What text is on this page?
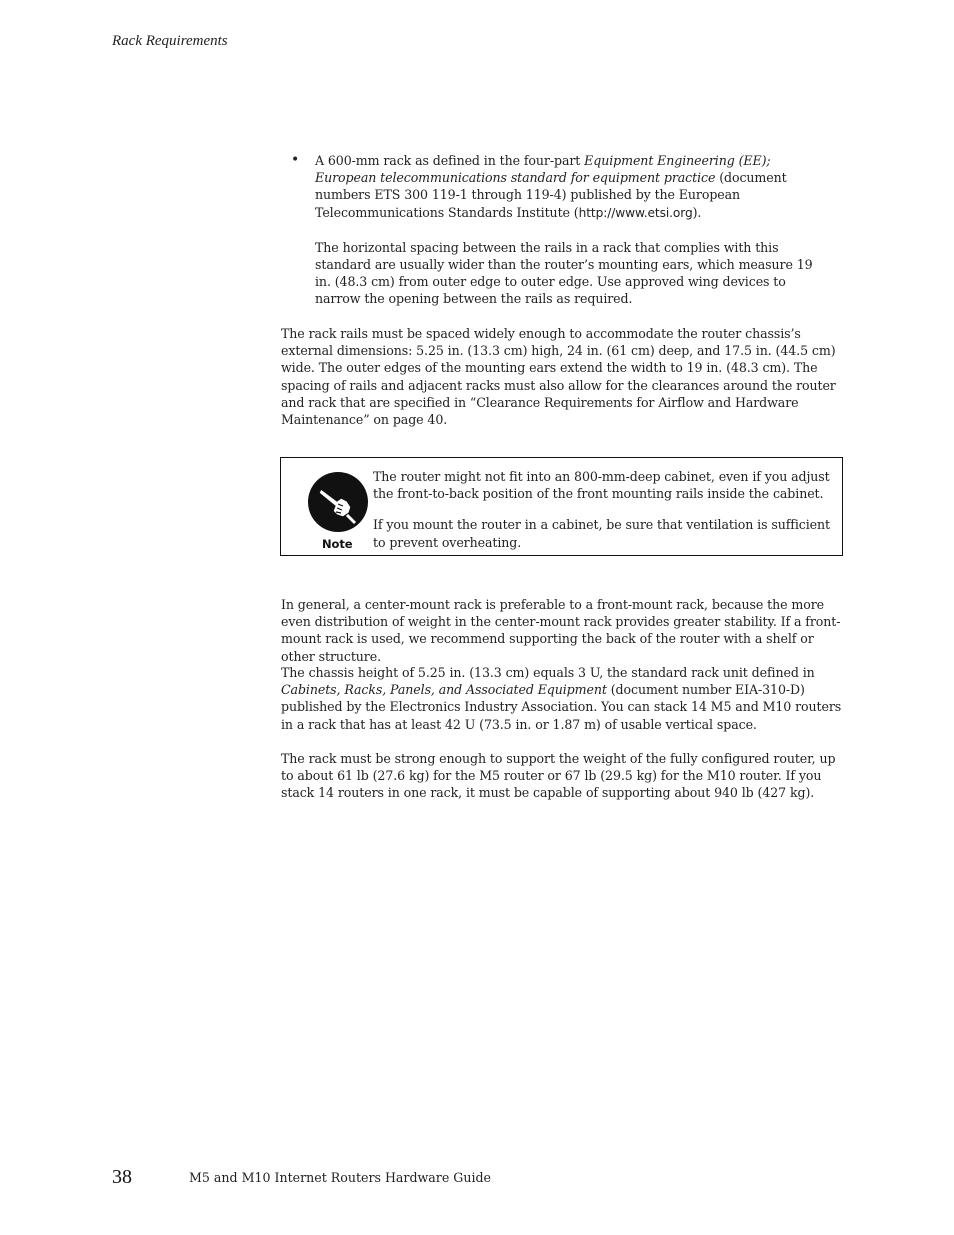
Rack Requirements
• A 600-mm rack as defined in the four-part Equipment Engineering (EE); European telecommunications standard for equipment practice (document numbers ETS 300 119-1 through 119-4) published by the European Telecommunications Standards Institute (http://www.etsi.org).

The horizontal spacing between the rails in a rack that complies with this standard are usually wider than the router’s mounting ears, which measure 19 in. (48.3 cm) from outer edge to outer edge. Use approved wing devices to narrow the opening between the rails as required.

The rack rails must be spaced widely enough to accommodate the router chassis’s external dimensions: 5.25 in. (13.3 cm) high, 24 in. (61 cm) deep, and 17.5 in. (44.5 cm) wide. The outer edges of the mounting ears extend the width to 19 in. (48.3 cm). The spacing of rails and adjacent racks must also allow for the clearances around the router and rack that are specified in “Clearance Requirements for Airflow and Hardware Maintenance” on page 40.

Note

The router might not fit into an 800-mm-deep cabinet, even if you adjust the front-to-back position of the front mounting rails inside the cabinet.

If you mount the router in a cabinet, be sure that ventilation is sufficient to prevent overheating.

In general, a center-mount rack is preferable to a front-mount rack, because the more even distribution of weight in the center-mount rack provides greater stability. If a front-mount rack is used, we recommend supporting the back of the router with a shelf or other structure.

The chassis height of 5.25 in. (13.3 cm) equals 3 U, the standard rack unit defined in Cabinets, Racks, Panels, and Associated Equipment (document number EIA-310-D) published by the Electronics Industry Association. You can stack 14 M5 and M10 routers in a rack that has at least 42 U (73.5 in. or 1.87 m) of usable vertical space.

The rack must be strong enough to support the weight of the fully configured router, up to about 61 lb (27.6 kg) for the M5 router or 67 lb (29.5 kg) for the M10 router. If you stack 14 routers in one rack, it must be capable of supporting about 940 lb (427 kg).

38	M5 and M10 Internet Routers Hardware Guide
